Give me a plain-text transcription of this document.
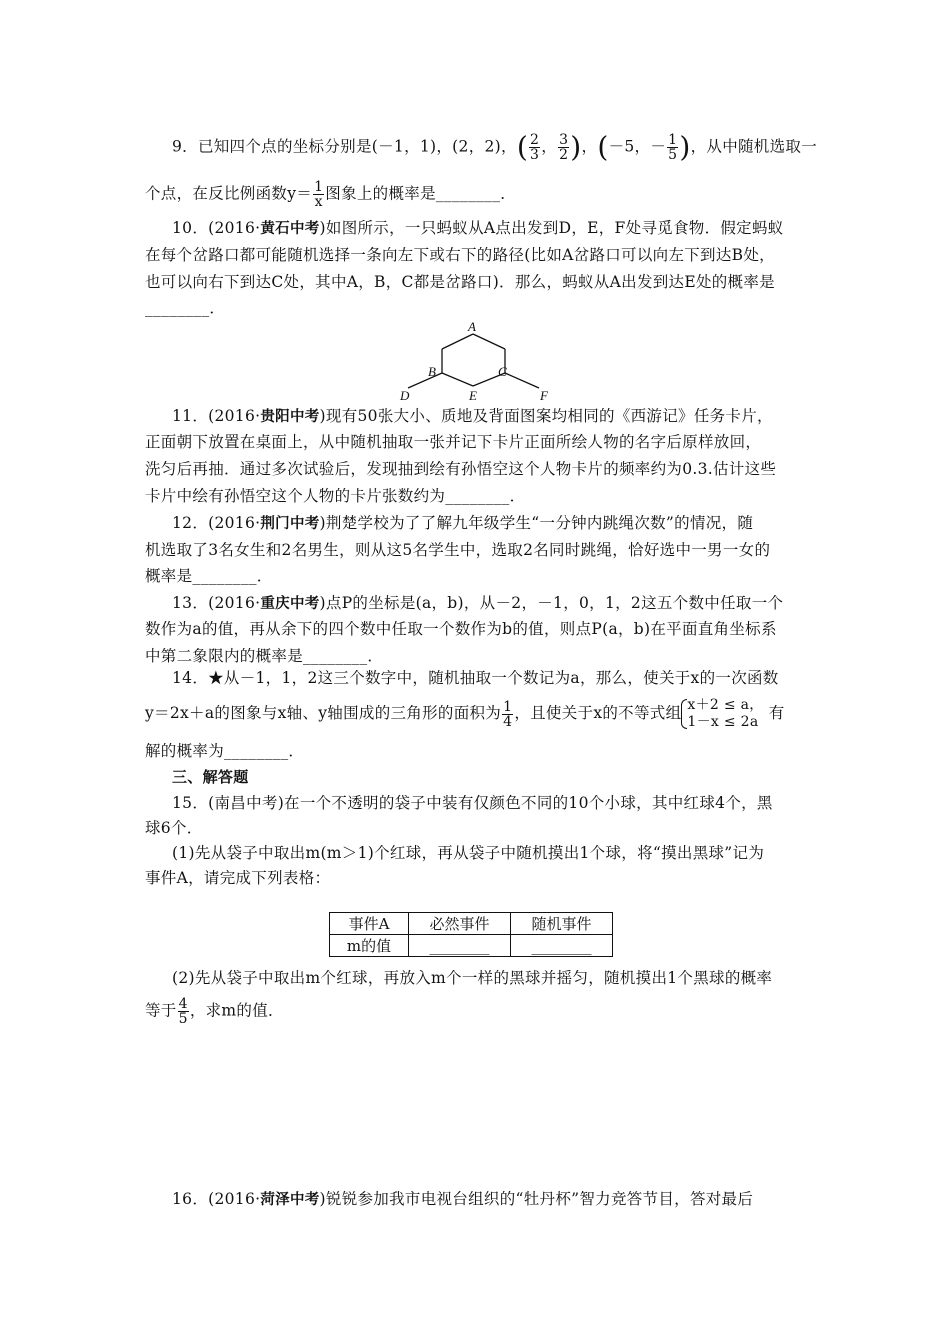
9．已知四个点的坐标分别是(－1，1)，(2，2)，( $\frac{2}{3}$ ， $\frac{3}{2}$ )，(－5，－ $\frac{1}{5}$ )，从中随机选取一
个点，在反比例函数$y= \frac{1}{x}$ 图象上的概率是________．
10．(2016·黄石中考)如图所示，一只蚂蚁从A点出发到D，E，F处寻觅食物．假定蚂蚁
在每个岔路口都可能随机选择一条向左下或右下的路径(比如A岔路口可以向左下到达B处，
也可以向右下到达C处，其中A，B，C都是岔路口)．那么，蚂蚁从A出发到达E处的概率是
________．
A
B	C
D	E	F
11．(2016·贵阳中考)现有50张大小、质地及背面图案均相同的《西游记》任务卡片，
正面朝下放置在桌面上，从中随机抽取一张并记下卡片正面所绘人物的名字后原样放回，
洗匀后再抽．通过多次试验后，发现抽到绘有孙悟空这个人物卡片的频率约为0.3.估计这些
卡片中绘有孙悟空这个人物的卡片张数约为________．
12．(2016·荆门中考)荆楚学校为了了解九年级学生“一分钟内跳绳次数”的情况，随
机选取了3名女生和2名男生，则从这5名学生中，选取2名同时跳绳，恰好选中一男一女的
概率是________．
13．(2016·重庆中考)点P的坐标是(a，b)，从－2，－1，0，1，2这五个数中任取一个
数作为a的值，再从余下的四个数中任取一个数作为b的值，则点P(a，b)在平面直角坐标系
中第二象限内的概率是________．
14．★从－1，1，2这三个数字中，随机抽取一个数记为a，那么，使关于x的一次函数
y＝2x＋a的图象与x轴、y轴围成的三角形的面积为 $\frac{1}{4}$ ，且使关于x的不等式组 x＋2 ≤ a，
1－x ≤ 2a 有
解的概率为________．
三、解答题
15．(南昌中考)在一个不透明的袋子中装有仅颜色不同的10个小球，其中红球4个，黑
球6个．
(1)先从袋子中取出m(m＞1)个红球，再从袋子中随机摸出1个球，将“摸出黑球”记为
事件A，请完成下列表格：
事件A	必然事件	随机事件
m的值	________	________
(2)先从袋子中取出m个红球，再放入m个一样的黑球并摇匀，随机摸出1个黑球的概率
等于 $\frac{4}{5}$ ，求m的值．
16．(2016·菏泽中考)锐锐参加我市电视台组织的“牡丹杯”智力竞答节目，答对最后
